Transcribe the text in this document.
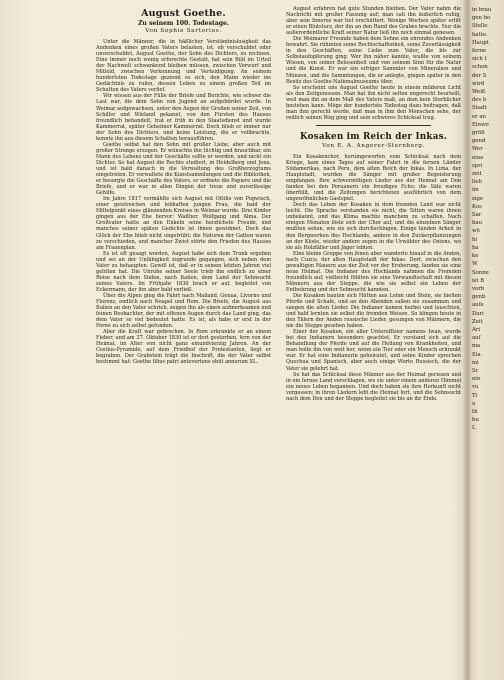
August Goethe.
Zu seinem 100. Todestage.
Von Sophie Sartorius.

Unter die Männer, die in häßlicher Verständnislosigkeit das Andenken eines großen Vaters belasten, ist, ob verschuldet oder unverschuldet, August Goethe, der Sohn des Dichters, zu rechnen. Eine immer noch wenig erforschte Gestalt, hat sein Bild im Urteil der Nachwelt schwankend bleiben müssen, zwischen Vorwurf und Mitleid, zwischen Verkennung und Verteidigung. An seinem hundertsten Todestage geziemt es sich, den Mann wieder ins Gedächtnis zu rufen, dessen Leben zu einem großen Teil im Schatten des Vaters verlief.

Wir wissen aus der Fülle der Briefe und Berichte, wie schwer die Last war, die dem Sohn von Jugend an aufgebürdet wurde. In Weimar aufgewachsen, unter den Augen der Großen seiner Zeit, von Schiller und Wieland gekannt, von den Fürsten des Hauses freundlich behandelt, trat er früh in den Staatsdienst und wurde Kammerrat, später Geheimer Kammerrat. Doch blieb er immer nur der Sohn des Dichters, und keine Leistung, die er vollbrachte, konnte ihn aus diesem Schatten herausführen.

Goethe selbst hat den Sohn mit großer Liebe, aber auch mit großer Strenge erzogen. Er wünschte ihn tüchtig und brauchbar, ein Mann des Lebens und der Geschäfte sollte er werden, und nicht ein Dichter. So hat August die Rechte studiert, in Heidelberg und Jena, und ist bald danach in die Verwaltung des Großherzogtums eingetreten. Er verwaltete die Kunstsammlungen und die Bibliothek, er besorgte die Geschäfte des Vaters, er ordnete die Papiere und die Briefe, und er war in allen Dingen der treue und zuverlässige Gehilfe.

Im Jahre 1817 vermählte sich August mit Ottilie von Pogwisch, einer geistreichen und lebhaften jungen Frau, die bald der Mittelpunkt eines glänzenden Kreises in Weimar wurde. Drei Kinder gingen aus der Ehe hervor: Walther, Wolfgang und Alma. Der Großvater hatte an den Enkeln seine herzlichste Freude, und manches seiner späten Gedichte ist ihnen gewidmet. Doch das Glück der Ehe blieb nicht ungetrübt; die Naturen der Gatten waren zu verschieden, und mancher Zwist störte den Frieden des Hauses am Frauenplan.

Es ist oft gesagt worden, August habe sich dem Trunk ergeben und sei an der Unfähigkeit zugrunde gegangen, sich neben dem Vater zu behaupten. Gewiß ist, daß er in seinen letzten Jahren viel gelitten hat. Die Unruhe seiner Seele trieb ihn endlich zu einer Reise nach dem Süden, nach Italien, dem Land der Sehnsucht seines Vaters. Im Frühjahr 1830 brach er auf, begleitet von Eckermann, der ihn aber bald verließ.

Über die Alpen ging die Fahrt nach Mailand, Genua, Livorno und Florenz, endlich nach Neapel und Rom. Die Briefe, die August aus Italien an den Vater schrieb, zeigen ihn als einen aufmerksamen und feinen Beobachter, der mit offenen Augen durch das Land ging, das dem Vater so viel bedeutet hatte. Es ist, als habe er erst in der Ferne zu sich selbst gefunden.

Aber die Kraft war gebrochen. In Rom erkrankte er an einem Fieber, und am 27. Oktober 1830 ist er dort gestorben, fern von der Heimat, im Alter von nicht ganz einundvierzig Jahren. An der Cestius-Pyramide, auf dem Friedhof der Protestanten, liegt er begraben. Der Grabstein trägt die Inschrift, die der Vater selbst bestimmt hat: Goethe filius patri antevertens obiit annorum XL.

August erfahren hat gute Stunden bleiben. Der Vater nahm die Nachricht mit großer Fassung auf; man sah ihn äußerlich ruhig, aber sein Inneres war tief erschüttert. Wenige Wochen später erlitt er einen Blutsturz, der ihn an den Rand des Grabes brachte. Nur die außerordentliche Kraft seiner Natur ließ ihn noch einmal genesen.

Die Weimarer Freunde haben dem Sohne ein ehrendes Andenken bewahrt. Sie rühmten seine Rechtschaffenheit, seine Zuverlässigkeit in den Geschäften, seine Liebe zum Vater, die bis zur Selbstaufopferung ging. Wer ihn näher kannte, wußte von seinem Wissen, von seiner Belesenheit und von seinem Sinn für die Natur und die Kunst. Er war ein eifriger Sammler von Mineralien und Münzen, und die Sammlungen, die er anlegte, gingen später in den Besitz des Goethe-Nationalmuseums über.

So erscheint uns August Goethe heute in einem milderen Licht als den Zeitgenossen. Man hat ihn nicht selten ungerecht beurteilt, weil man ihn an dem Maß des Vaters maß, an dem kein Sterblicher bestehen kann. Möge der hundertste Todestag dazu beitragen, daß man ihm gerecht werde, daß man in ihm den Menschen sehe, der redlich seinen Weg ging und sein schweres Schicksal trug.

Kosaken im Reich der Inkas.
Von E. A. Angerer-Sternberg.

Ein Kosakenchor, herumgeworfen vom Schicksal nach dem Kriege, kam eines Tages auf seiner Fahrt in die fernen Länder Südamerikas, nach Peru, dem alten Reich der Inkas. In Lima, der Hauptstadt, wurden die Sänger mit großer Begeisterung empfangen. Ihre schwermütigen Lieder aus der Heimat am Don fanden bei den Peruanern ein freudiges Echo; die Säle waren überfüllt, und die Zeitungen berichteten ausführlich von dem ungewöhnlichen Gastspiel.

Doch das Leben der Kosaken in dem fremden Land war nicht leicht. Die Sprache verstanden sie nicht, die Sitten waren ihnen unbekannt, und das Klima machte manchem zu schaffen. Nach einigen Monaten löste sich der Chor auf, und die einzelnen Sänger mußten sehen, wie sie sich durchschlugen. Einige fanden Arbeit in den Bergwerken des Hochlands, andere in den Zuckerpflanzungen an der Küste, wieder andere zogen in die Urwälder des Ostens, wo sie als Holzfäller und Jäger lebten.

Eine kleine Gruppe von ihnen aber wanderte hinauf in die Anden, nach Cuzco, der alten Hauptstadt der Inkas. Dort, zwischen den gewaltigen Mauern aus der Zeit vor der Eroberung, fanden sie eine neue Heimat. Die Indianer des Hochlands nahmen die Fremden freundlich auf; vielleicht fühlten sie eine Verwandtschaft mit diesen Männern aus der Steppe, die wie sie selbst ein Leben der Entbehrung und der Sehnsucht kannten.

Die Kosaken bauten sich Hütten aus Lehm und Stein, sie hielten Pferde und Schafe, und an den Abenden saßen sie zusammen und sangen die alten Lieder. Die Indianer kamen herbei und lauschten, und bald lernten sie selbst die fremden Weisen. So klingen heute in den Tälern der Anden russische Lieder, gesungen von Männern, die nie die Steppe gesehen haben.

Einer der Kosaken, ein alter Unteroffizier namens Iwan, wurde bei den Indianern besonders geachtet. Er verstand sich auf die Behandlung der Pferde und auf die Heilung von Krankheiten, und man holte ihn von weit her, wenn ein Tier oder ein Mensch erkrankt war. Er hat eine Indianerin geheiratet, und seine Kinder sprechen Quechua und Spanisch, aber auch einige Worte Russisch, die der Vater sie gelehrt hat.

So hat das Schicksal diese Männer aus der Heimat gerissen und in ein fernes Land verschlagen, wo sie unter einem anderen Himmel ein neues Leben begannen. Und doch haben sie ihre Herkunft nicht vergessen; in ihren Liedern lebt die Heimat fort, und die Sehnsucht nach dem Don und der Steppe begleitet sie bis an ihr Ende.

in brau
gen bo
Stelle
hatte.
Haupt
ferne
sich t
schon
der S
wird
Weiß
des b
Stadt
er an
Einwo
größ
gend
Wer
eine
spri
zeit
lieh
im
zige
Kos
Sar
bau
wö
hi
ha
ke
W
Sonne
ist B
vorb
genb
aufe
Dari
Zeit
Ari
auf
ma
Eia
mi
Sc
ein
vu
Ti
u
th
bu
L
